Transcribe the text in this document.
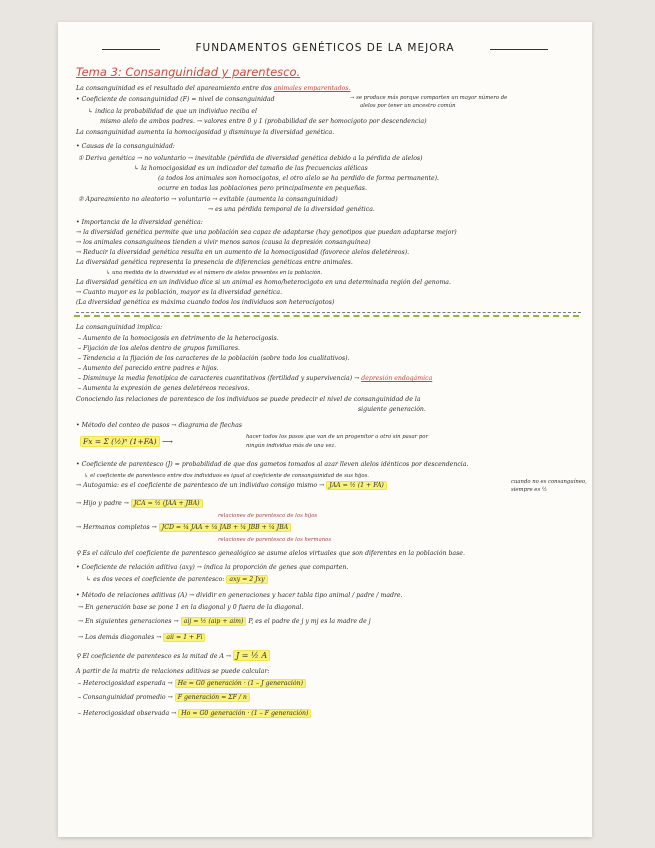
FUNDAMENTOS GENÉTICOS DE LA MEJORA
Tema 3: Consanguinidad y parentesco.
La consanguinidad es el resultado del apareamiento entre dos animales emparentados.
• Coeficiente de consanguinidad (F) = nivel de consanguinidad	→ se produce más porque comparten un mayor número de
alelos por tener un ancestro común
↳ indica la probabilidad de que un individuo reciba el
mismo alelo de ambos padres. → valores entre 0 y 1 (probabilidad de ser homocigoto por descendencia)
La consanguinidad aumenta la homocigosidad y disminuye la diversidad genética.
• Causas de la consanguinidad:
① Deriva genética → no voluntario → inevitable (pérdida de diversidad genética debido a la pérdida de alelos)
↳ la homocigosidad es un indicador del tamaño de las frecuencias alélicas
(a todos los animales son homocigotos, el otro alelo se ha perdido de forma permanente).
ocurre en todas las poblaciones pero principalmente en pequeñas.
② Apareamiento no aleatorio → voluntario → evitable (aumenta la consanguinidad)
→ es una pérdida temporal de la diversidad genética.
• Importancia de la diversidad genética:
→ la diversidad genética permite que una población sea capaz de adaptarse (hay genotipos que puedan adaptarse mejor)
→ los animales consanguíneos tienden a vivir menos sanos (causa la depresión consanguínea)
→ Reducir la diversidad genética resulta en un aumento de la homocigosidad (favorece alelos deletéreos).
La diversidad genética representa la presencia de diferencias genéticas entre animales.
↳ una medida de la diversidad es el número de alelos presentes en la población.
La diversidad genética en un individuo dice si un animal es homo/heterocigoto en una determinada región del genoma.
→ Cuanto mayor es la población, mayor es la diversidad genética.
(La diversidad genética es máxima cuando todos los individuos son heterocigotos)
La consanguinidad implica:
– Aumento de la homocigosis en detrimento de la heterocigosis.
– Fijación de los alelos dentro de grupos familiares.
– Tendencia a la fijación de los caracteres de la población (sobre todo los cualitativos).
– Aumento del parecido entre padres e hijos.
– Disminuye la media fenotípica de caracteres cuantitativos (fertilidad y supervivencia) → depresión endogámica
– Aumenta la expresión de genes deletéreos recesivos.
Conociendo las relaciones de parentesco de los individuos se puede predecir el nivel de consanguinidad de la
siguiente generación.
• Método del conteo de pasos → diagrama de flechas
Fx = Σ (½)ⁿ (1+FA) ⟶	hacer todos los pasos que van de un progenitor a otro sin pasar por
ningún individuo más de una vez.
• Coeficiente de parentesco (J) = probabilidad de que dos gametos tomados al azar lleven alelos idénticos por descendencia.
↳ el coeficiente de parentesco entre dos individuos es igual al coeficiente de consanguinidad de sus hijos.
→ Autogamia: es el coeficiente de parentesco de un individuo consigo mismo → JAA = ½ (1 + FA)	cuando no es consanguíneo,
siempre es ½
→ Hijo y padre → JCA = ½ (JAA + JBA)
relaciones de parentesco de los hijos
→ Hermanos completos → JCD = ¼ JAA + ¼ JAB + ¼ JBB + ¼ JBA
relaciones de parentesco de los hermanos
⚲ Es el cálculo del coeficiente de parentesco genealógico se asume alelos virtuales que son diferentes en la población base.
• Coeficiente de relación aditiva (axy) → indica la proporción de genes que comparten.
↳ es dos veces el coeficiente de parentesco: axy = 2 Jxy
• Método de relaciones aditivas (A) → dividir en generaciones y hacer tabla tipo animal / padre / madre.
→ En generación base se pone 1 en la diagonal y 0 fuera de la diagonal.
→ En siguientes generaciones → aij = ½ (aip + aim) P, es el padre de j y mj es la madre de j
→ Los demás diagonales → aii = 1 + Fi
⚲ El coeficiente de parentesco es la mitad de A → J = ½ A
A partir de la matriz de relaciones aditivas se puede calcular:
– Heterocigosidad esperada → He = G0 generación · (1 – J generación)
– Consanguinidad promedio → F generación = ΣF / n
– Heterocigosidad observada → Ho = G0 generación · (1 – F generación)
